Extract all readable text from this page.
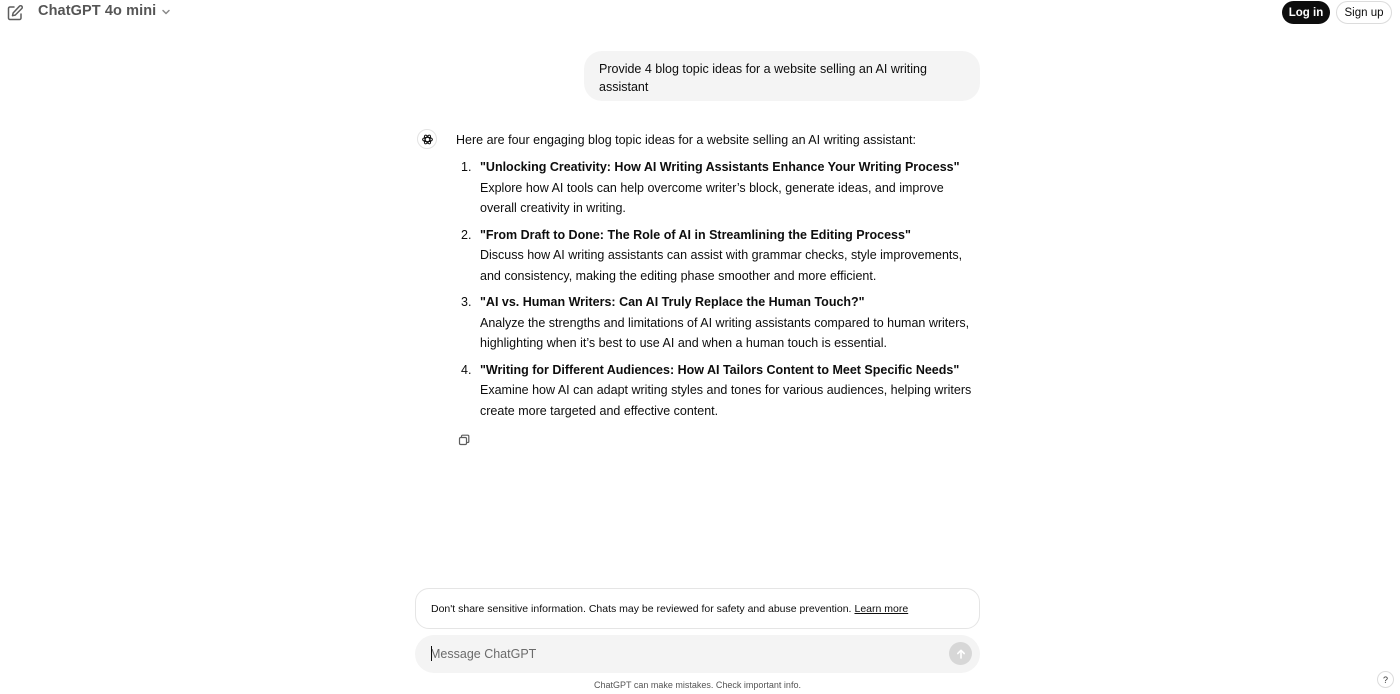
ChatGPT 4o mini	Log in	Sign up
Provide 4 blog topic ideas for a website selling an AI writing assistant

Here are four engaging blog topic ideas for a website selling an AI writing assistant:

1. "Unlocking Creativity: How AI Writing Assistants Enhance Your Writing Process"
Explore how AI tools can help overcome writer’s block, generate ideas, and improve overall creativity in writing.
2. "From Draft to Done: The Role of AI in Streamlining the Editing Process"
Discuss how AI writing assistants can assist with grammar checks, style improvements, and consistency, making the editing phase smoother and more efficient.
3. "AI vs. Human Writers: Can AI Truly Replace the Human Touch?"
Analyze the strengths and limitations of AI writing assistants compared to human writers, highlighting when it’s best to use AI and when a human touch is essential.
4. "Writing for Different Audiences: How AI Tailors Content to Meet Specific Needs"
Examine how AI can adapt writing styles and tones for various audiences, helping writers create more targeted and effective content.
Don't share sensitive information. Chats may be reviewed for safety and abuse prevention. Learn more
Message ChatGPT
ChatGPT can make mistakes. Check important info.
?
